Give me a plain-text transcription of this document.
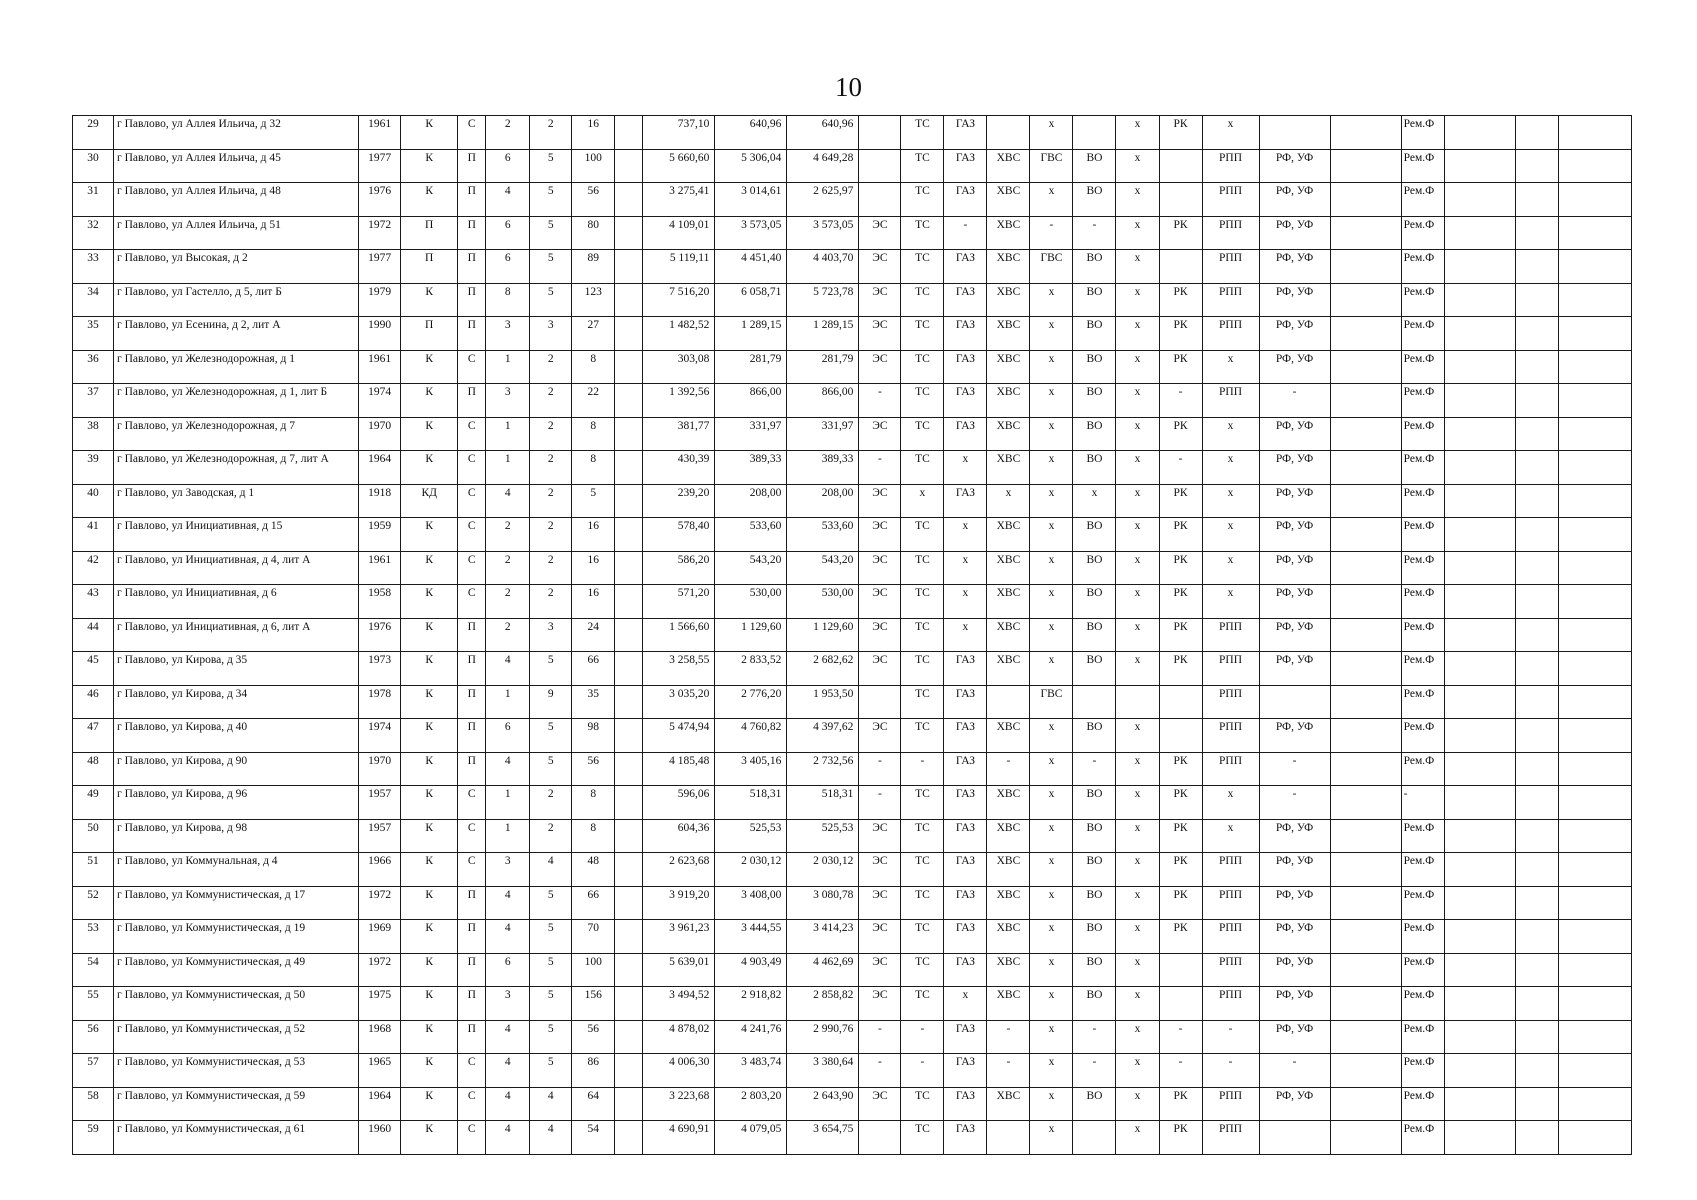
10
29	г Павлово, ул Аллея Ильича, д 32	1961	К	С	2	2	16		737,10	640,96	640,96		ТС	ГАЗ		x		x	РК	x			Рем.Ф			
30	г Павлово, ул Аллея Ильича, д 45	1977	К	П	6	5	100		5 660,60	5 306,04	4 649,28		ТС	ГАЗ	ХВС	ГВС	ВО	x		РПП	РФ, УФ		Рем.Ф			
31	г Павлово, ул Аллея Ильича, д 48	1976	К	П	4	5	56		3 275,41	3 014,61	2 625,97		ТС	ГАЗ	ХВС	x	ВО	x		РПП	РФ, УФ		Рем.Ф			
32	г Павлово, ул Аллея Ильича, д 51	1972	П	П	6	5	80		4 109,01	3 573,05	3 573,05	ЭС	ТС	-	ХВС	-	-	x	РК	РПП	РФ, УФ		Рем.Ф			
33	г Павлово, ул Высокая, д 2	1977	П	П	6	5	89		5 119,11	4 451,40	4 403,70	ЭС	ТС	ГАЗ	ХВС	ГВС	ВО	x		РПП	РФ, УФ		Рем.Ф			
34	г Павлово, ул Гастелло, д 5, лит Б	1979	К	П	8	5	123		7 516,20	6 058,71	5 723,78	ЭС	ТС	ГАЗ	ХВС	x	ВО	x	РК	РПП	РФ, УФ		Рем.Ф			
35	г Павлово, ул Есенина, д 2, лит А	1990	П	П	3	3	27		1 482,52	1 289,15	1 289,15	ЭС	ТС	ГАЗ	ХВС	x	ВО	x	РК	РПП	РФ, УФ		Рем.Ф			
36	г Павлово, ул Железнодорожная, д 1	1961	К	С	1	2	8		303,08	281,79	281,79	ЭС	ТС	ГАЗ	ХВС	x	ВО	x	РК	x	РФ, УФ		Рем.Ф			
37	г Павлово, ул Железнодорожная, д 1, лит Б	1974	К	П	3	2	22		1 392,56	866,00	866,00	-	ТС	ГАЗ	ХВС	x	ВО	x	-	РПП	-		Рем.Ф			
38	г Павлово, ул Железнодорожная, д 7	1970	К	С	1	2	8		381,77	331,97	331,97	ЭС	ТС	ГАЗ	ХВС	x	ВО	x	РК	x	РФ, УФ		Рем.Ф			
39	г Павлово, ул Железнодорожная, д 7, лит А	1964	К	С	1	2	8		430,39	389,33	389,33	-	ТС	x	ХВС	x	ВО	x	-	x	РФ, УФ		Рем.Ф			
40	г Павлово, ул Заводская, д 1	1918	КД	С	4	2	5		239,20	208,00	208,00	ЭС	x	ГАЗ	x	x	x	x	РК	x	РФ, УФ		Рем.Ф			
41	г Павлово, ул Инициативная, д 15	1959	К	С	2	2	16		578,40	533,60	533,60	ЭС	ТС	x	ХВС	x	ВО	x	РК	x	РФ, УФ		Рем.Ф			
42	г Павлово, ул Инициативная, д 4, лит А	1961	К	С	2	2	16		586,20	543,20	543,20	ЭС	ТС	x	ХВС	x	ВО	x	РК	x	РФ, УФ		Рем.Ф			
43	г Павлово, ул Инициативная, д 6	1958	К	С	2	2	16		571,20	530,00	530,00	ЭС	ТС	x	ХВС	x	ВО	x	РК	x	РФ, УФ		Рем.Ф			
44	г Павлово, ул Инициативная, д 6, лит А	1976	К	П	2	3	24		1 566,60	1 129,60	1 129,60	ЭС	ТС	x	ХВС	x	ВО	x	РК	РПП	РФ, УФ		Рем.Ф			
45	г Павлово, ул Кирова, д 35	1973	К	П	4	5	66		3 258,55	2 833,52	2 682,62	ЭС	ТС	ГАЗ	ХВС	x	ВО	x	РК	РПП	РФ, УФ		Рем.Ф			
46	г Павлово, ул Кирова, д 34	1978	К	П	1	9	35		3 035,20	2 776,20	1 953,50		ТС	ГАЗ		ГВС				РПП			Рем.Ф			
47	г Павлово, ул Кирова, д 40	1974	К	П	6	5	98		5 474,94	4 760,82	4 397,62	ЭС	ТС	ГАЗ	ХВС	x	ВО	x		РПП	РФ, УФ		Рем.Ф			
48	г Павлово, ул Кирова, д 90	1970	К	П	4	5	56		4 185,48	3 405,16	2 732,56	-	-	ГАЗ	-	x	-	x	РК	РПП	-		Рем.Ф			
49	г Павлово, ул Кирова, д 96	1957	К	С	1	2	8		596,06	518,31	518,31	-	ТС	ГАЗ	ХВС	x	ВО	x	РК	x	-		-			
50	г Павлово, ул Кирова, д 98	1957	К	С	1	2	8		604,36	525,53	525,53	ЭС	ТС	ГАЗ	ХВС	x	ВО	x	РК	x	РФ, УФ		Рем.Ф			
51	г Павлово, ул Коммунальная, д 4	1966	К	С	3	4	48		2 623,68	2 030,12	2 030,12	ЭС	ТС	ГАЗ	ХВС	x	ВО	x	РК	РПП	РФ, УФ		Рем.Ф			
52	г Павлово, ул Коммунистическая, д 17	1972	К	П	4	5	66		3 919,20	3 408,00	3 080,78	ЭС	ТС	ГАЗ	ХВС	x	ВО	x	РК	РПП	РФ, УФ		Рем.Ф			
53	г Павлово, ул Коммунистическая, д 19	1969	К	П	4	5	70		3 961,23	3 444,55	3 414,23	ЭС	ТС	ГАЗ	ХВС	x	ВО	x	РК	РПП	РФ, УФ		Рем.Ф			
54	г Павлово, ул Коммунистическая, д 49	1972	К	П	6	5	100		5 639,01	4 903,49	4 462,69	ЭС	ТС	ГАЗ	ХВС	x	ВО	x		РПП	РФ, УФ		Рем.Ф			
55	г Павлово, ул Коммунистическая, д 50	1975	К	П	3	5	156		3 494,52	2 918,82	2 858,82	ЭС	ТС	x	ХВС	x	ВО	x		РПП	РФ, УФ		Рем.Ф			
56	г Павлово, ул Коммунистическая, д 52	1968	К	П	4	5	56		4 878,02	4 241,76	2 990,76	-	-	ГАЗ	-	x	-	x	-	-	РФ, УФ		Рем.Ф			
57	г Павлово, ул Коммунистическая, д 53	1965	К	С	4	5	86		4 006,30	3 483,74	3 380,64	-	-	ГАЗ	-	x	-	x	-	-	-		Рем.Ф			
58	г Павлово, ул Коммунистическая, д 59	1964	К	С	4	4	64		3 223,68	2 803,20	2 643,90	ЭС	ТС	ГАЗ	ХВС	x	ВО	x	РК	РПП	РФ, УФ		Рем.Ф			
59	г Павлово, ул Коммунистическая, д 61	1960	К	С	4	4	54		4 690,91	4 079,05	3 654,75		ТС	ГАЗ		x		x	РК	РПП			Рем.Ф			
